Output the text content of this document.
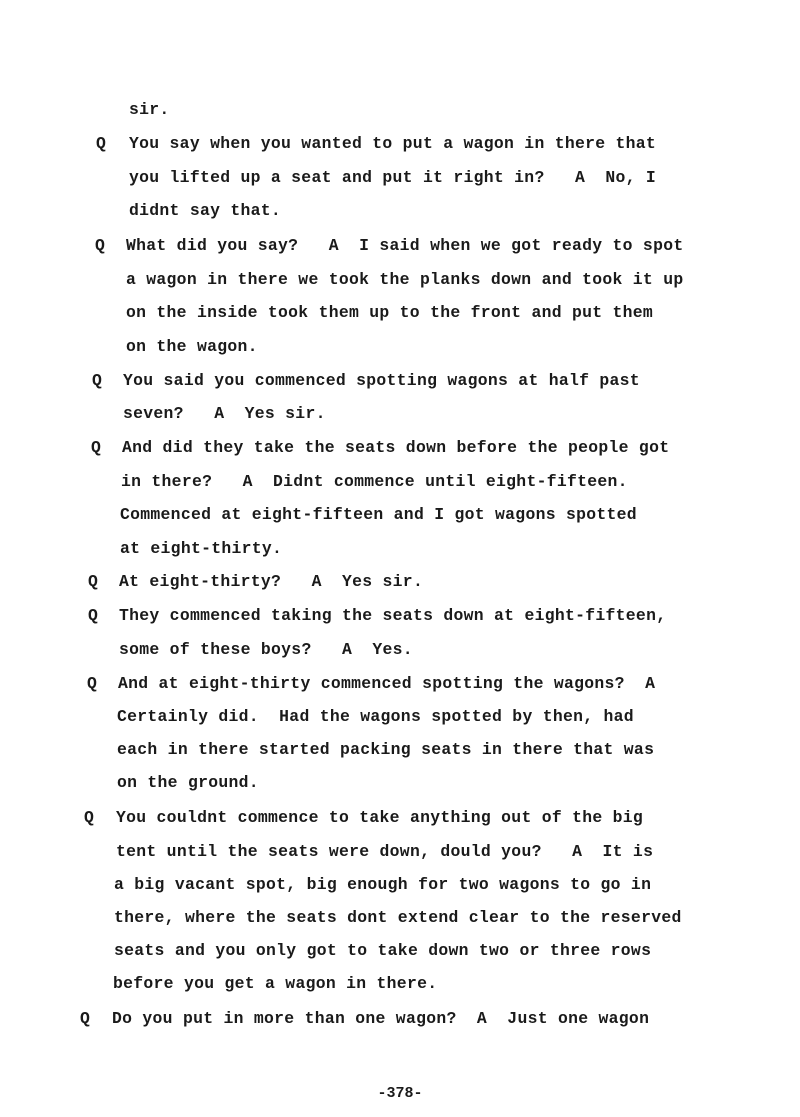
sir.
Q You say when you wanted to put a wagon in there that
you lifted up a seat and put it right in?   A  No, I
didnt say that.
Q What did you say?   A  I said when we got ready to spot
a wagon in there we took the planks down and took it up
on the inside took them up to the front and put them
on the wagon.
Q You said you commenced spotting wagons at half past
seven?   A  Yes sir.
Q And did they take the seats down before the people got
in there?   A  Didnt commence until eight-fifteen.
Commenced at eight-fifteen and I got wagons spotted
at eight-thirty.
Q At eight-thirty?   A  Yes sir.
Q They commenced taking the seats down at eight-fifteen,
some of these boys?   A  Yes.
Q And at eight-thirty commenced spotting the wagons?  A
Certainly did.  Had the wagons spotted by then, had
each in there started packing seats in there that was
on the ground.
Q You couldnt commence to take anything out of the big
tent until the seats were down, dould you?   A  It is
a big vacant spot, big enough for two wagons to go in
there, where the seats dont extend clear to the reserved
seats and you only got to take down two or three rows
before you get a wagon in there.
Q Do you put in more than one wagon?  A  Just one wagon
-378-
